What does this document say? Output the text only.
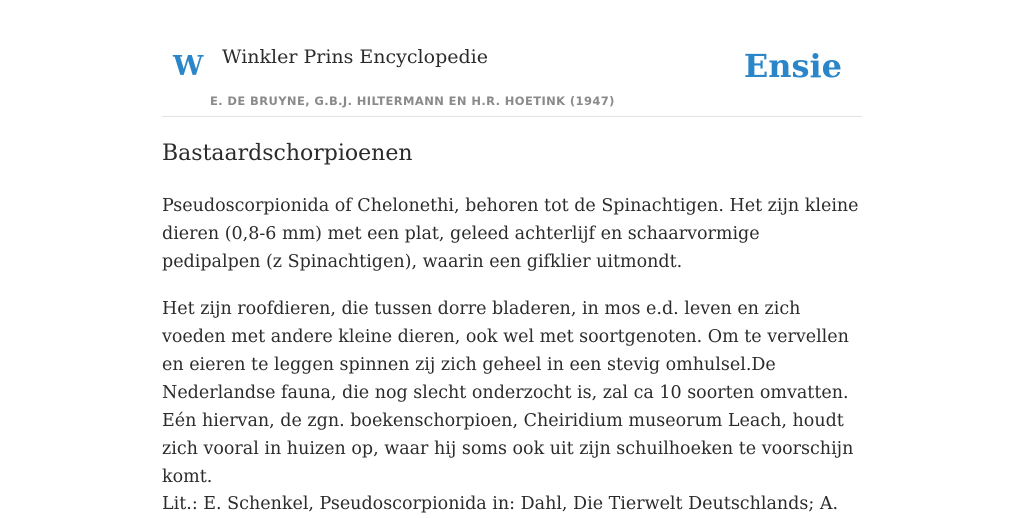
W Winkler Prins Encyclopedie
E. DE BRUYNE, G.B.J. HILTERMANN EN H.R. HOETINK (1947)
Ensie
Bastaardschorpioenen

Pseudoscorpionida of Chelonethi, behoren tot de Spinachtigen. Het zijn kleine dieren (0,8-6 mm) met een plat, geleed achterlijf en schaarvormige pedipalpen (z Spinachtigen), waarin een gifklier uitmondt.

Het zijn roofdieren, die tussen dorre bladeren, in mos e.d. leven en zich voeden met andere kleine dieren, ook wel met soortgenoten. Om te vervellen en eieren te leggen spinnen zij zich geheel in een stevig omhulsel.De Nederlandse fauna, die nog slecht onderzocht is, zal ca 10 soorten omvatten. Eén hiervan, de zgn. boekenschorpioen, Cheiridium museorum Leach, houdt zich vooral in huizen op, waar hij soms ook uit zijn schuilhoeken te voorschijn komt.

Lit.: E. Schenkel, Pseudoscorpionida in: Dahl, Die Tierwelt Deutschlands; A.
